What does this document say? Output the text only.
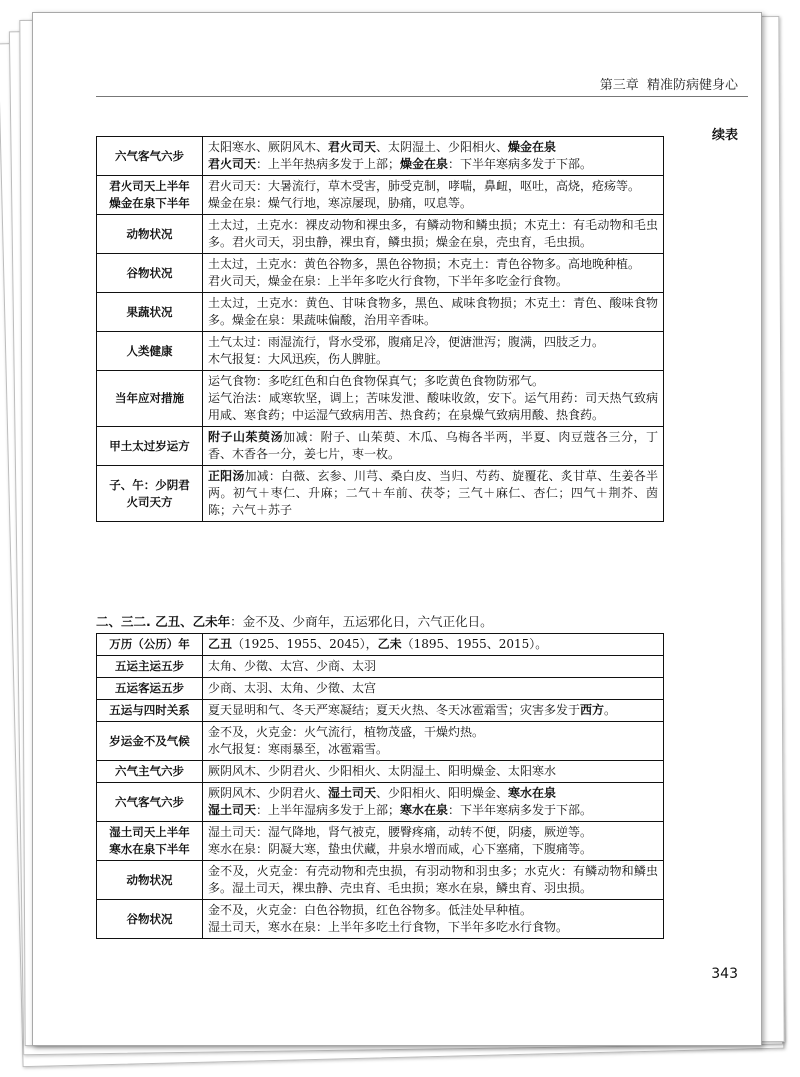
第三章 精准防病健身心
续表
六气客气六步	太阳寒水、厥阴风木、君火司天、太阴湿土、少阳相火、燥金在泉
君火司天：上半年热病多发于上部；燥金在泉：下半年寒病多发于下部。

君火司天上半年
燥金在泉下半年	君火司天：大暑流行，草木受害，肺受克制，哮喘，鼻衄，呕吐，高烧，疮疡等。
燥金在泉：燥气行地，寒凉屡现，胁痛，叹息等。

动物状况	土太过，土克水：裸皮动物和裸虫多，有鳞动物和鳞虫损；木克土：有毛动物和毛虫多。君火司天，羽虫静，裸虫育，鳞虫损；燥金在泉，壳虫育，毛虫损。

谷物状况	土太过，土克水：黄色谷物多，黑色谷物损；木克土：青色谷物多。高地晚种植。
君火司天，燥金在泉：上半年多吃火行食物，下半年多吃金行食物。

果蔬状况	土太过，土克水：黄色、甘味食物多，黑色、咸味食物损；木克土：青色、酸味食物多。燥金在泉：果蔬味偏酸，治用辛香味。

人类健康	土气太过：雨湿流行，肾水受邪，腹痛足冷，便溏泄泻；腹满，四肢乏力。
木气报复：大风迅疾，伤人脾脏。

当年应对措施	运气食物：多吃红色和白色食物保真气；多吃黄色食物防邪气。
运气治法：咸寒软坚，调上；苦味发泄、酸味收敛，安下。运气用药：司天热气致病用咸、寒食药；中运湿气致病用苦、热食药；在泉燥气致病用酸、热食药。

甲土太过岁运方	附子山茱萸汤加减：附子、山茱萸、木瓜、乌梅各半两，半夏、肉豆蔻各三分，丁香、木香各一分，姜七片，枣一枚。

子、午：少阴君
火司天方	正阳汤加减：白薇、玄参、川芎、桑白皮、当归、芍药、旋覆花、炙甘草、生姜各半两。初气＋枣仁、升麻；二气＋车前、茯苓；三气＋麻仁、杏仁；四气＋荆芥、茵陈；六气＋苏子
二、三二. 乙丑、乙未年：金不及、少商年，五运邪化日，六气正化日。
万历（公历）年	乙丑（1925、1955、2045），乙未（1895、1955、2015）。

五运主运五步	太角、少徵、太宫、少商、太羽

五运客运五步	少商、太羽、太角、少徵、太宫

五运与四时关系	夏天显明和气、冬天严寒凝结；夏天火热、冬天冰雹霜雪；灾害多发于西方。

岁运金不及气候	金不及，火克金：火气流行，植物茂盛，干燥灼热。
水气报复：寒雨暴至，冰雹霜雪。

六气主气六步	厥阴风木、少阴君火、少阳相火、太阴湿土、阳明燥金、太阳寒水

六气客气六步	厥阴风木、少阴君火、湿土司天、少阳相火、阳明燥金、寒水在泉
湿土司天：上半年湿病多发于上部；寒水在泉：下半年寒病多发于下部。

湿土司天上半年
寒水在泉下半年	湿土司天：湿气降地，肾气被克，腰臀疼痛，动转不便，阴痿，厥逆等。
寒水在泉：阴凝大寒，蛰虫伏藏，井泉水增而咸，心下塞痛，下腹痛等。

动物状况	金不及，火克金：有壳动物和壳虫损，有羽动物和羽虫多；水克火：有鳞动物和鳞虫多。湿土司天，裸虫静、壳虫育、毛虫损；寒水在泉，鳞虫育、羽虫损。

谷物状况	金不及，火克金：白色谷物损，红色谷物多。低洼处早种植。
湿土司天，寒水在泉：上半年多吃土行食物，下半年多吃水行食物。
343
